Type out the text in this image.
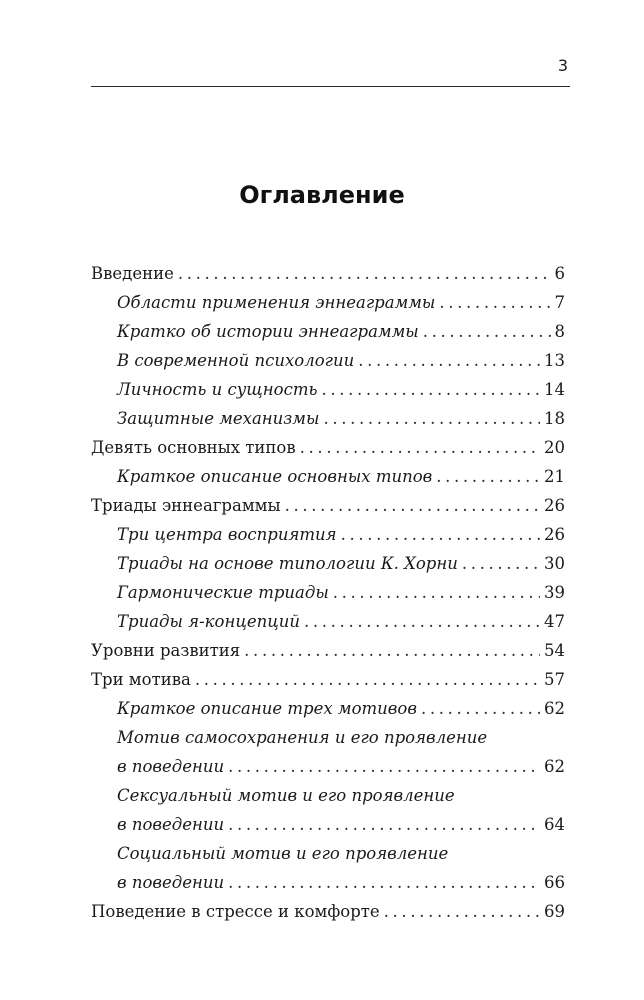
3
Оглавление
Введение . . .	6
Области применения эннеаграммы . . .	7
Кратко об истории эннеаграммы . . .	8
В современной психологии . . .	13
Личность и сущность . . .	14
Защитные механизмы . . .	18
Девять основных типов . . .	20
Краткое описание основных типов . . .	21
Триады эннеаграммы . . .	26
Три центра восприятия . . .	26
Триады на основе типологии К. Хорни . . .	30
Гармонические триады . . .	39
Триады я-концепций . . .	47
Уровни развития . . .	54
Три мотива . . .	57
Краткое описание трех мотивов . . .	62
Мотив самосохранения и его проявление
в поведении . . .	62
Сексуальный мотив и его проявление
в поведении . . .	64
Социальный мотив и его проявление
в поведении . . .	66
Поведение в стрессе и комфорте . . .	69
